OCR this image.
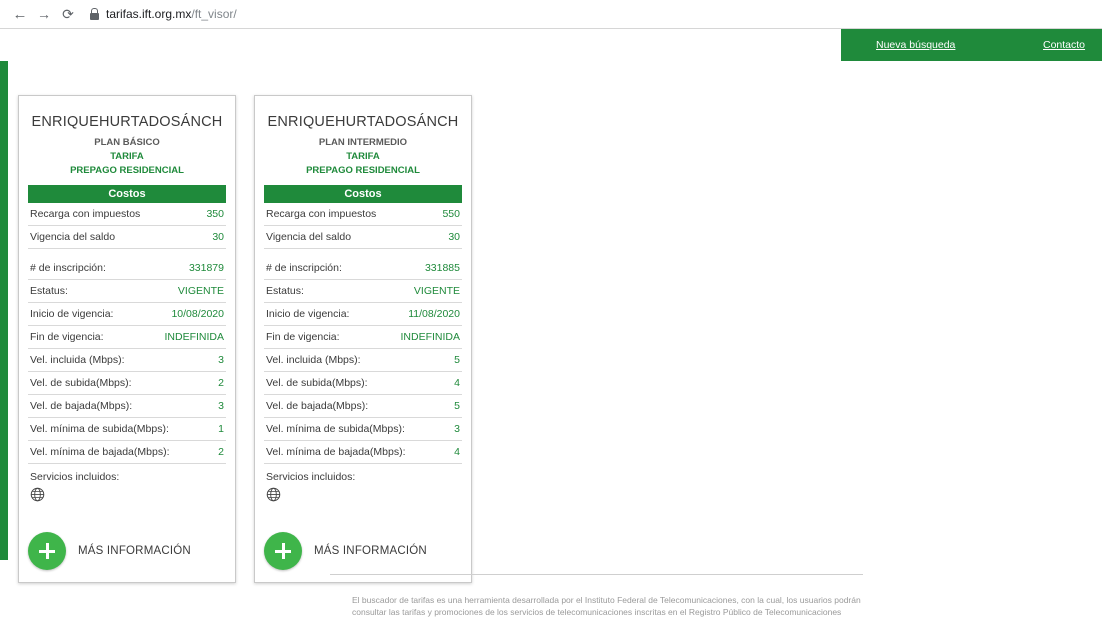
← → ⟳	tarifas.ift.org.mx /ft_visor/
Nueva búsqueda	Contacto
ENRIQUEHURTADOSÁNCH
PLAN BÁSICO
TARIFA
PREPAGO RESIDENCIAL
Costos
Recarga con impuestos	350
Vigencia del saldo	30
# de inscripción:	331879
Estatus:	VIGENTE
Inicio de vigencia:	10/08/2020
Fin de vigencia:	INDEFINIDA
Vel. incluida (Mbps):	3
Vel. de subida(Mbps):	2
Vel. de bajada(Mbps):	3
Vel. mínima de subida(Mbps):	1
Vel. mínima de bajada(Mbps):	2
Servicios incluidos:
MÁS INFORMACIÓN
ENRIQUEHURTADOSÁNCH
PLAN INTERMEDIO
TARIFA
PREPAGO RESIDENCIAL
Costos
Recarga con impuestos	550
Vigencia del saldo	30
# de inscripción:	331885
Estatus:	VIGENTE
Inicio de vigencia:	11/08/2020
Fin de vigencia:	INDEFINIDA
Vel. incluida (Mbps):	5
Vel. de subida(Mbps):	4
Vel. de bajada(Mbps):	5
Vel. mínima de subida(Mbps):	3
Vel. mínima de bajada(Mbps):	4
Servicios incluidos:
MÁS INFORMACIÓN
El buscador de tarifas es una herramienta desarrollada por el Instituto Federal de Telecomunicaciones, con la cual, los usuarios podrán consultar las tarifas y promociones de los servicios de telecomunicaciones inscritas en el Registro Público de Telecomunicaciones
